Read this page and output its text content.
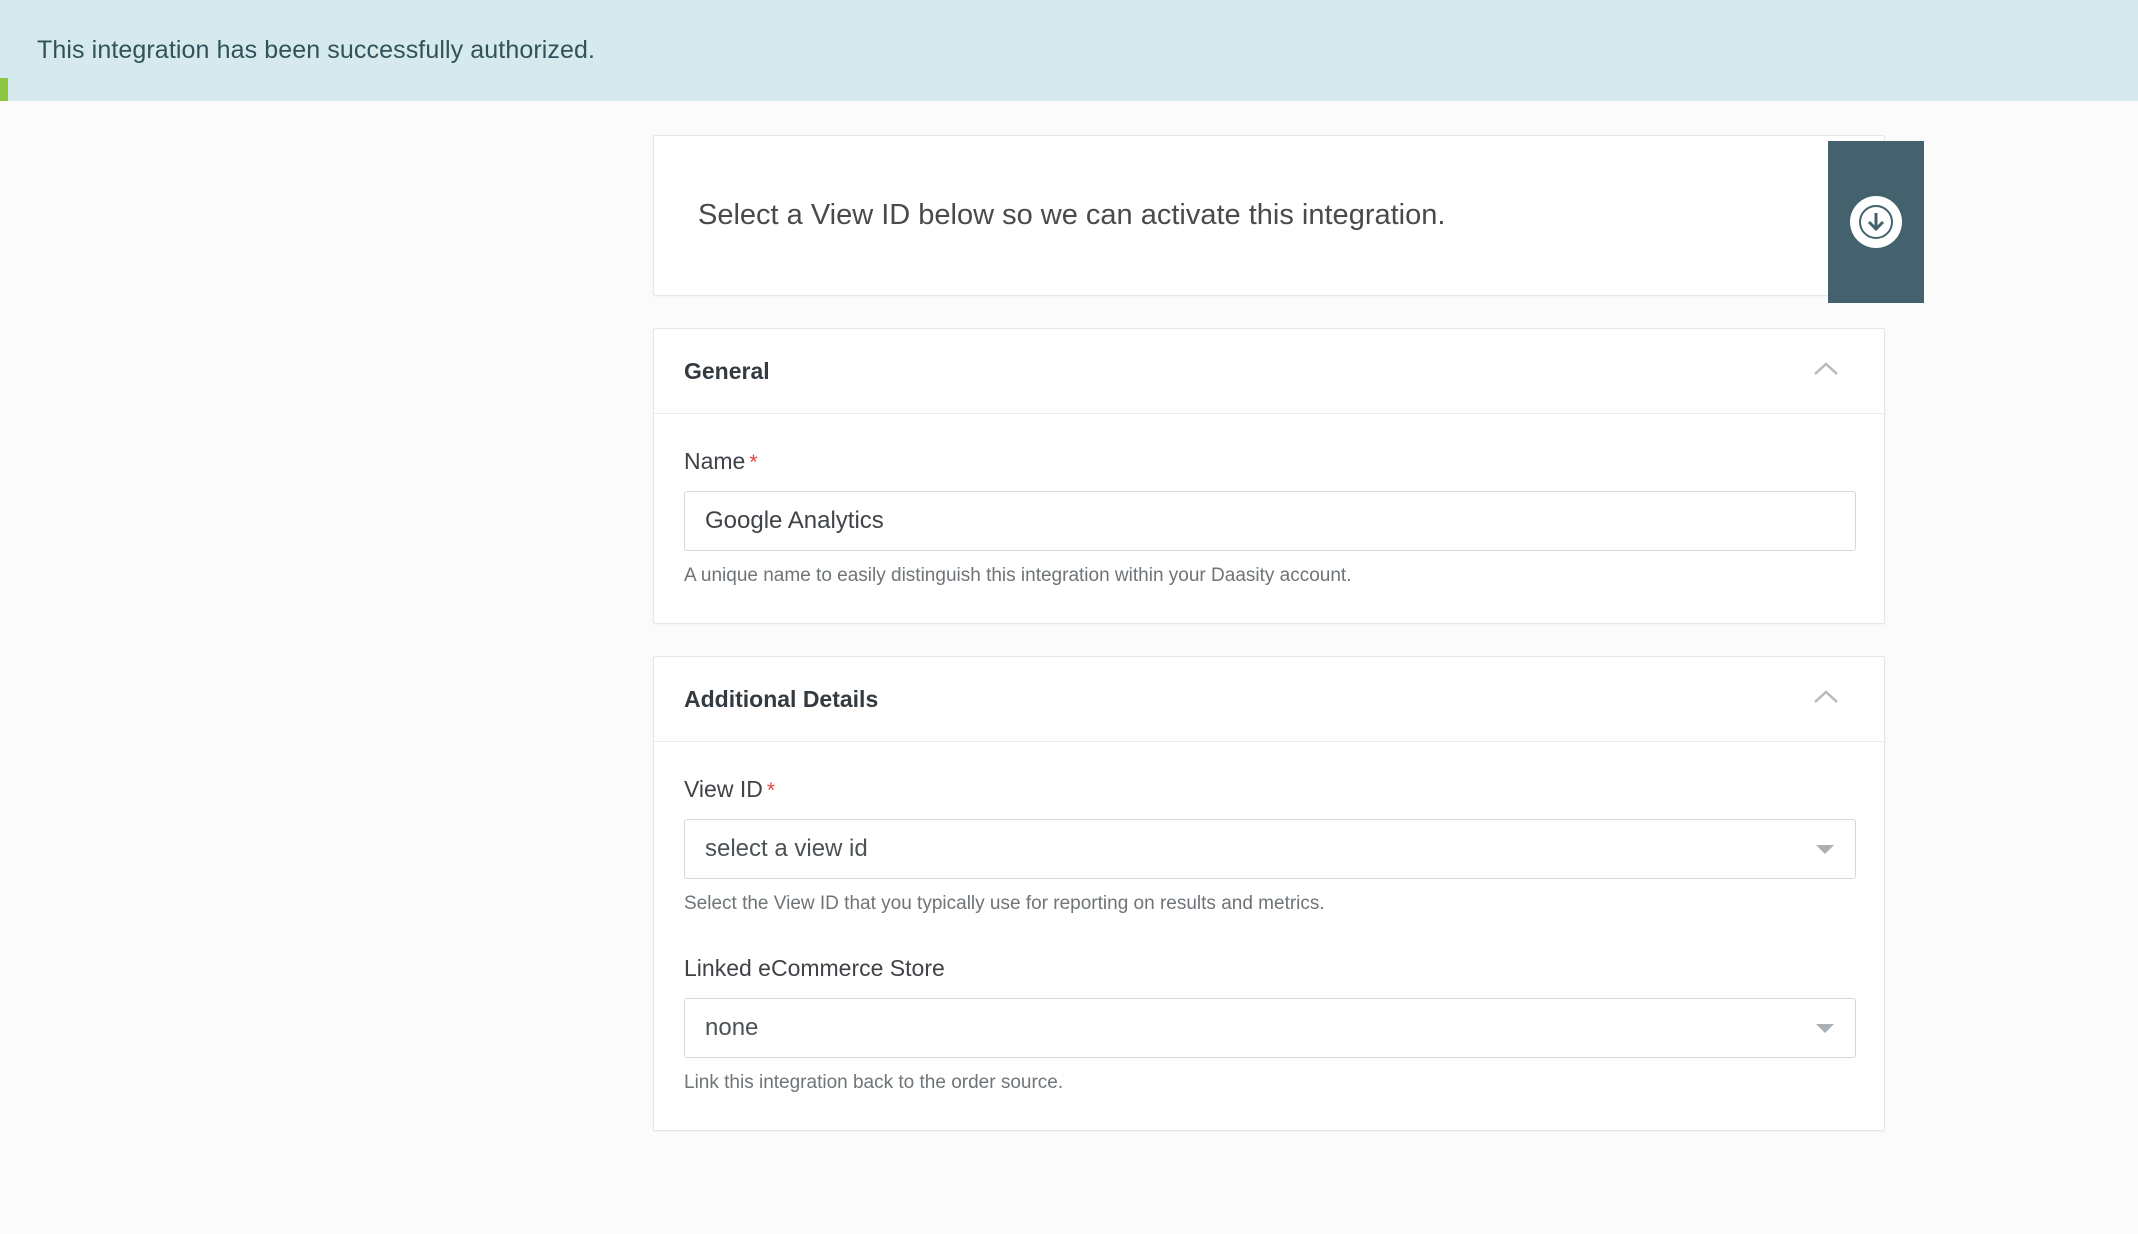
This integration has been successfully authorized.
Select a View ID below so we can activate this integration.
General
Name *
Google Analytics
A unique name to easily distinguish this integration within your Daasity account.
Additional Details
View ID *
select a view id
Select the View ID that you typically use for reporting on results and metrics.
Linked eCommerce Store
none
Link this integration back to the order source.
